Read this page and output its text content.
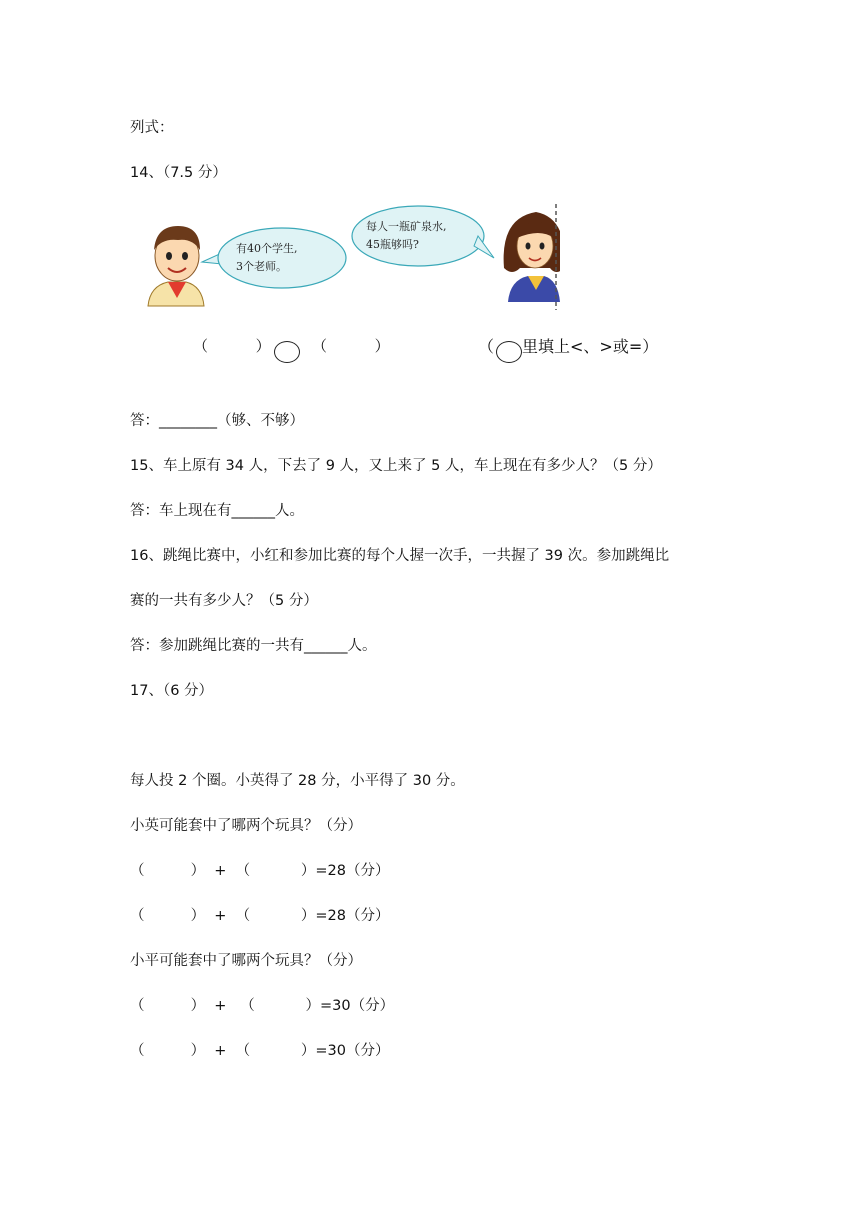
列式：
14、（7.5 分）
有40个学生,
3个老师。
每人一瓶矿泉水,
45瓶够吗?
（          ）	（          ）	（ 里填上<、>或=）
答：________（够、不够）
15、车上原有 34 人，下去了 9 人，又上来了 5 人，车上现在有多少人？（5 分）
答：车上现在有______人。
16、跳绳比赛中，小红和参加比赛的每个人握一次手，一共握了 39 次。参加跳绳比
赛的一共有多少人？（5 分）
答：参加跳绳比赛的一共有______人。
17、（6 分）
每人投 2 个圈。小英得了 28 分，小平得了 30 分。
小英可能套中了哪两个玩具？（分）
（          ）  +  （           ）=28（分）
（          ）  +  （           ）=28（分）
小平可能套中了哪两个玩具？（分）
（          ）  +   （           ）=30（分）
（          ）  +  （           ）=30（分）
